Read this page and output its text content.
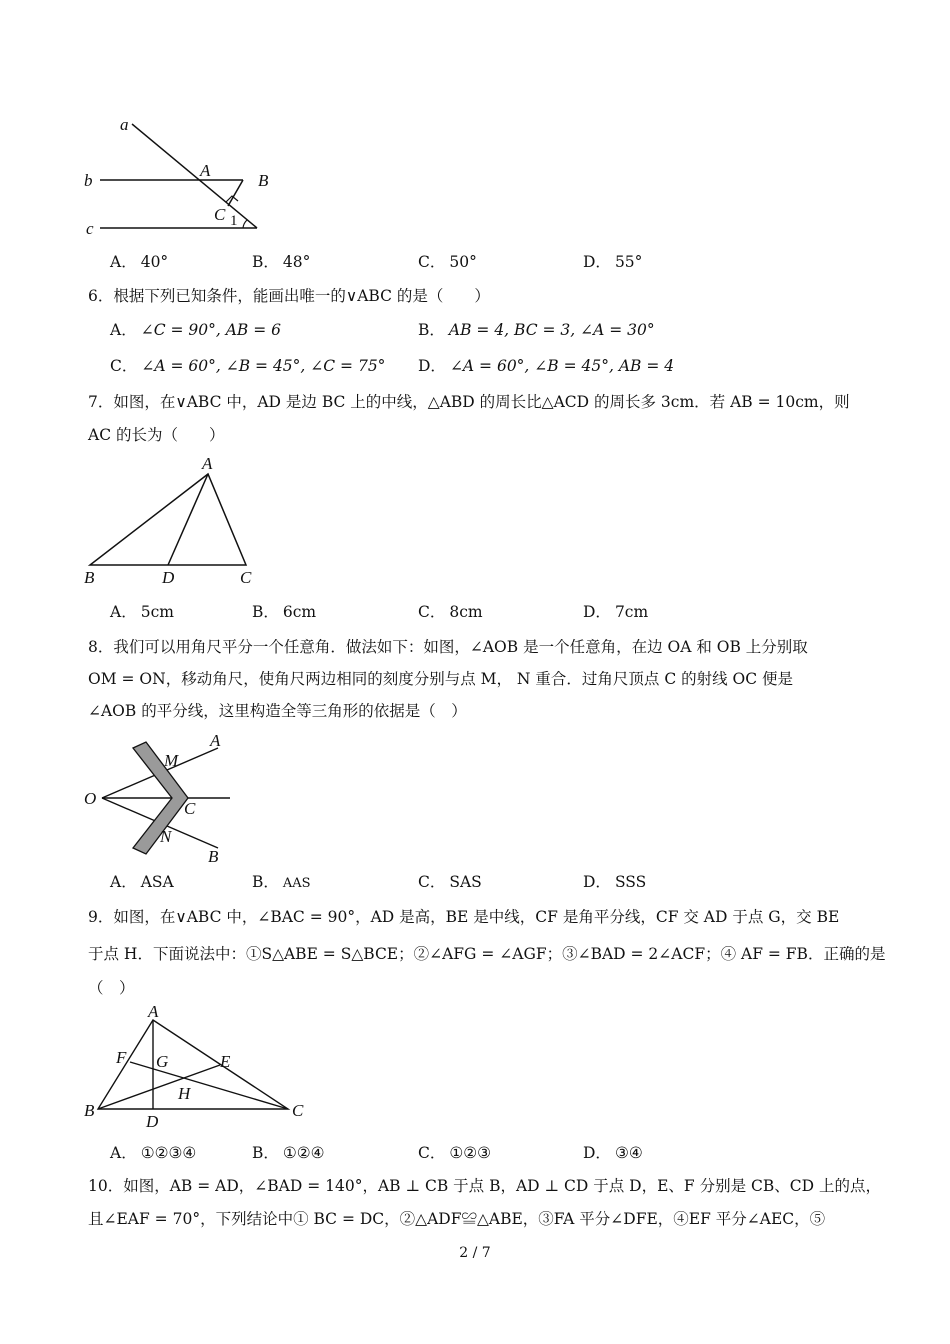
a
b
c
A
B
C 1
A． 40°	B． 48°	C． 50°	D． 55°
6．根据下列已知条件，能画出唯一的∨ABC 的是（　　）
A． ∠C = 90°, AB = 6	B． AB = 4, BC = 3, ∠A = 30°
C． ∠A = 60°, ∠B = 45°, ∠C = 75° D． ∠A = 60°, ∠B = 45°, AB = 4
7．如图，在∨ABC 中，AD 是边 BC 上的中线，△ABD 的周长比△ACD 的周长多 3cm．若 AB = 10cm，则
AC 的长为（　　）
A
B	D	C
A． 5cm	B． 6cm	C． 8cm	D． 7cm
8．我们可以用角尺平分一个任意角．做法如下：如图，∠AOB 是一个任意角，在边 OA 和 OB 上分别取
OM = ON，移动角尺，使角尺两边相同的刻度分别与点 M， N 重合．过角尺顶点 C 的射线 OC 便是
∠AOB 的平分线，这里构造全等三角形的依据是（　）
O
A
M
C
N
B
A． ASA	B． AAS	C． SAS	D． SSS
9．如图，在∨ABC 中，∠BAC = 90°，AD 是高，BE 是中线，CF 是角平分线，CF 交 AD 于点 G，交 BE
于点 H．下面说法中：①S△ABE = S△BCE；②∠AFG = ∠AGF；③∠BAD = 2∠ACF；④ AF = FB．正确的是
（　）
A
F G	E
H
B
D
C
A． ①②③④	B． ①②④	C． ①②③	D． ③④
10．如图，AB = AD，∠BAD = 140°，AB ⊥ CB 于点 B，AD ⊥ CD 于点 D，E、F 分别是 CB、CD 上的点，
且∠EAF = 70°，下列结论中① BC = DC，②△ADF≌△ABE，③FA 平分∠DFE，④EF 平分∠AEC，⑤
2 / 7
